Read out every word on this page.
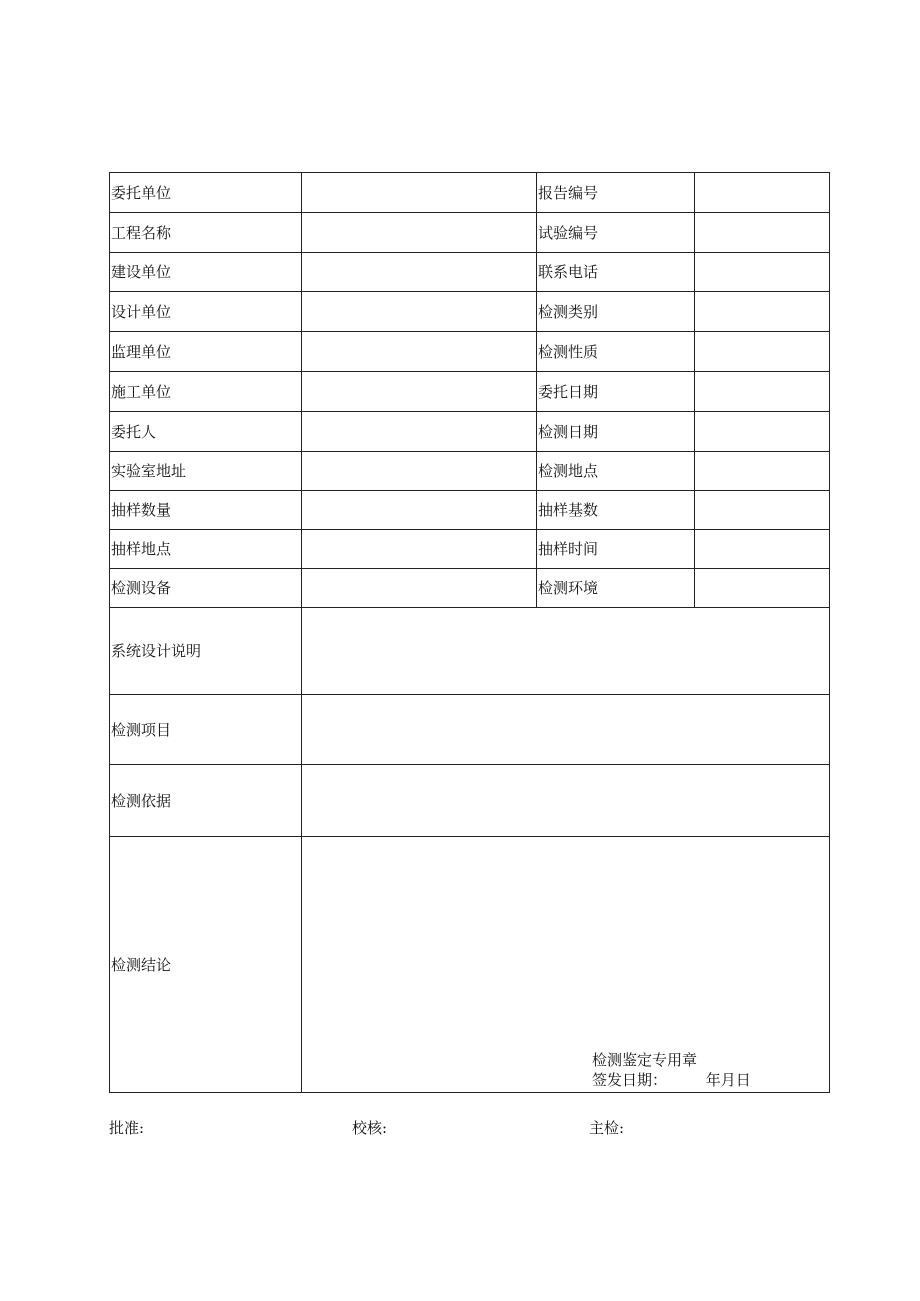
委托单位		报告编号	
工程名称		试验编号	
建设单位		联系电话	
设计单位		检测类别	
监理单位		检测性质	
施工单位		委托日期	
委托人		检测日期	
实验室地址		检测地点	
抽样数量		抽样基数	
抽样地点		抽样时间	
检测设备		检测环境	
系统设计说明			
检测项目			
检测依据			
检测结论	检测鉴定专用章
签发日期： 年月日		
批准:	校核:	主检:
